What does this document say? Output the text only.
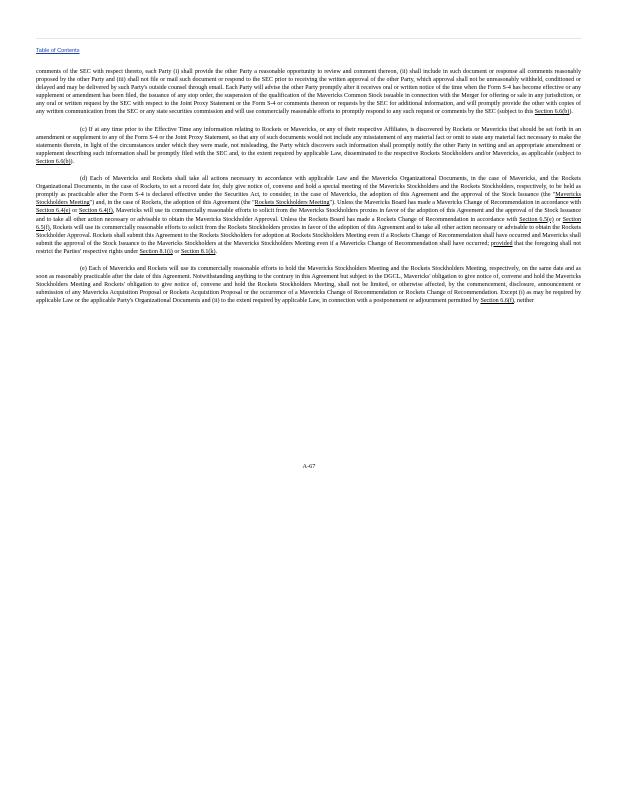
Table of Contents

comments of the SEC with respect thereto, each Party (i) shall provide the other Party a reasonable opportunity to review and comment thereon, (ii) shall include in such document or response all comments reasonably proposed by the other Party and (iii) shall not file or mail such document or respond to the SEC prior to receiving the written approval of the other Party, which approval shall not be unreasonably withheld, conditioned or delayed and may be delivered by such Party's outside counsel through email. Each Party will advise the other Party promptly after it receives oral or written notice of the time when the Form S-4 has become effective or any supplement or amendment has been filed, the issuance of any stop order, the suspension of the qualification of the Mavericks Common Stock issuable in connection with the Merger for offering or sale in any jurisdiction, or any oral or written request by the SEC with respect to the Joint Proxy Statement or the Form S-4 or comments thereon or requests by the SEC for additional information, and will promptly provide the other with copies of any written communication from the SEC or any state securities commission and will use commercially reasonable efforts to promptly respond to any such request or comments by the SEC (subject to this Section 6.6(b)).

(c) If at any time prior to the Effective Time any information relating to Rockets or Mavericks, or any of their respective Affiliates, is discovered by Rockets or Mavericks that should be set forth in an amendment or supplement to any of the Form S-4 or the Joint Proxy Statement, so that any of such documents would not include any misstatement of any material fact or omit to state any material fact necessary to make the statements therein, in light of the circumstances under which they were made, not misleading, the Party which discovers such information shall promptly notify the other Party in writing and an appropriate amendment or supplement describing such information shall be promptly filed with the SEC and, to the extent required by applicable Law, disseminated to the respective Rockets Stockholders and/or Mavericks, as applicable (subject to Section 6.6(b)).

(d) Each of Mavericks and Rockets shall take all actions necessary in accordance with applicable Law and the Mavericks Organizational Documents, in the case of Mavericks, and the Rockets Organizational Documents, in the case of Rockets, to set a record date for, duly give notice of, convene and hold a special meeting of the Mavericks Stockholders and the Rockets Stockholders, respectively, to be held as promptly as practicable after the Form S-4 is declared effective under the Securities Act, to consider, in the case of Mavericks, the adoption of this Agreement and the approval of the Stock Issuance (the "Mavericks Stockholders Meeting") and, in the case of Rockets, the adoption of this Agreement (the "Rockets Stockholders Meeting"). Unless the Mavericks Board has made a Mavericks Change of Recommendation in accordance with Section 6.4(e) or Section 6.4(f), Mavericks will use its commercially reasonable efforts to solicit from the Mavericks Stockholders proxies in favor of the adoption of this Agreement and the approval of the Stock Issuance and to take all other action necessary or advisable to obtain the Mavericks Stockholder Approval. Unless the Rockets Board has made a Rockets Change of Recommendation in accordance with Section 6.5(e) or Section 6.5(f), Rockets will use its commercially reasonable efforts to solicit from the Rockets Stockholders proxies in favor of the adoption of this Agreement and to take all other action necessary or advisable to obtain the Rockets Stockholder Approval. Rockets shall submit this Agreement to the Rockets Stockholders for adoption at Rockets Stockholders Meeting even if a Rockets Change of Recommendation shall have occurred and Mavericks shall submit the approval of the Stock Issuance to the Mavericks Stockholders at the Mavericks Stockholders Meeting even if a Mavericks Change of Recommendation shall have occurred; provided that the foregoing shall not restrict the Parties' respective rights under Section 8.1(i) or Section 8.1(k).

(e) Each of Mavericks and Rockets will use its commercially reasonable efforts to hold the Mavericks Stockholders Meeting and the Rockets Stockholders Meeting, respectively, on the same date and as soon as reasonably practicable after the date of this Agreement. Notwithstanding anything to the contrary in this Agreement but subject to the DGCL, Mavericks' obligation to give notice of, convene and hold the Mavericks Stockholders Meeting and Rockets' obligation to give notice of, convene and hold the Rockets Stockholders Meeting, shall not be limited, or otherwise affected, by the commencement, disclosure, announcement or submission of any Mavericks Acquisition Proposal or Rockets Acquisition Proposal or the occurrence of a Mavericks Change of Recommendation or Rockets Change of Recommendation. Except (i) as may be required by applicable Law or the applicable Party's Organizational Documents and (ii) to the extent required by applicable Law, in connection with a postponement or adjournment permitted by Section 6.6(f), neither

A-67
